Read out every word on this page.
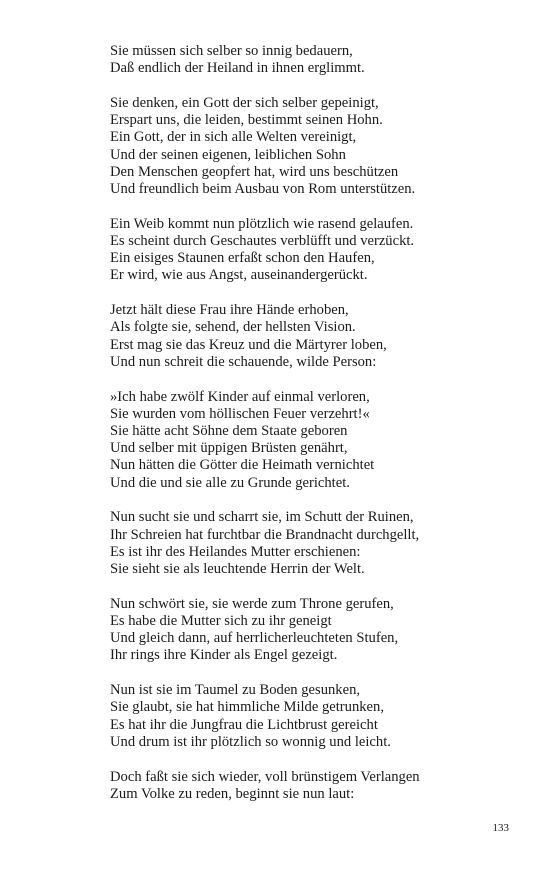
Sie müssen sich selber so innig bedauern,
Daß endlich der Heiland in ihnen erglimmt.
Sie denken, ein Gott der sich selber gepeinigt,
Erspart uns, die leiden, bestimmt seinen Hohn.
Ein Gott, der in sich alle Welten vereinigt,
Und der seinen eigenen, leiblichen Sohn
Den Menschen geopfert hat, wird uns beschützen
Und freundlich beim Ausbau von Rom unterstützen.
Ein Weib kommt nun plötzlich wie rasend gelaufen.
Es scheint durch Geschautes verblüfft und verzückt.
Ein eisiges Staunen erfaßt schon den Haufen,
Er wird, wie aus Angst, auseinandergerückt.
Jetzt hält diese Frau ihre Hände erhoben,
Als folgte sie, sehend, der hellsten Vision.
Erst mag sie das Kreuz und die Märtyrer loben,
Und nun schreit die schauende, wilde Person:
»Ich habe zwölf Kinder auf einmal verloren,
Sie wurden vom höllischen Feuer verzehrt!«
Sie hätte acht Söhne dem Staate geboren
Und selber mit üppigen Brüsten genährt,
Nun hätten die Götter die Heimath vernichtet
Und die und sie alle zu Grunde gerichtet.
Nun sucht sie und scharrt sie, im Schutt der Ruinen,
Ihr Schreien hat furchtbar die Brandnacht durchgellt,
Es ist ihr des Heilandes Mutter erschienen:
Sie sieht sie als leuchtende Herrin der Welt.
Nun schwört sie, sie werde zum Throne gerufen,
Es habe die Mutter sich zu ihr geneigt
Und gleich dann, auf herrlicherleuchteten Stufen,
Ihr rings ihre Kinder als Engel gezeigt.
Nun ist sie im Taumel zu Boden gesunken,
Sie glaubt, sie hat himmliche Milde getrunken,
Es hat ihr die Jungfrau die Lichtbrust gereicht
Und drum ist ihr plötzlich so wonnig und leicht.
Doch faßt sie sich wieder, voll brünstigem Verlangen
Zum Volke zu reden, beginnt sie nun laut:
133
